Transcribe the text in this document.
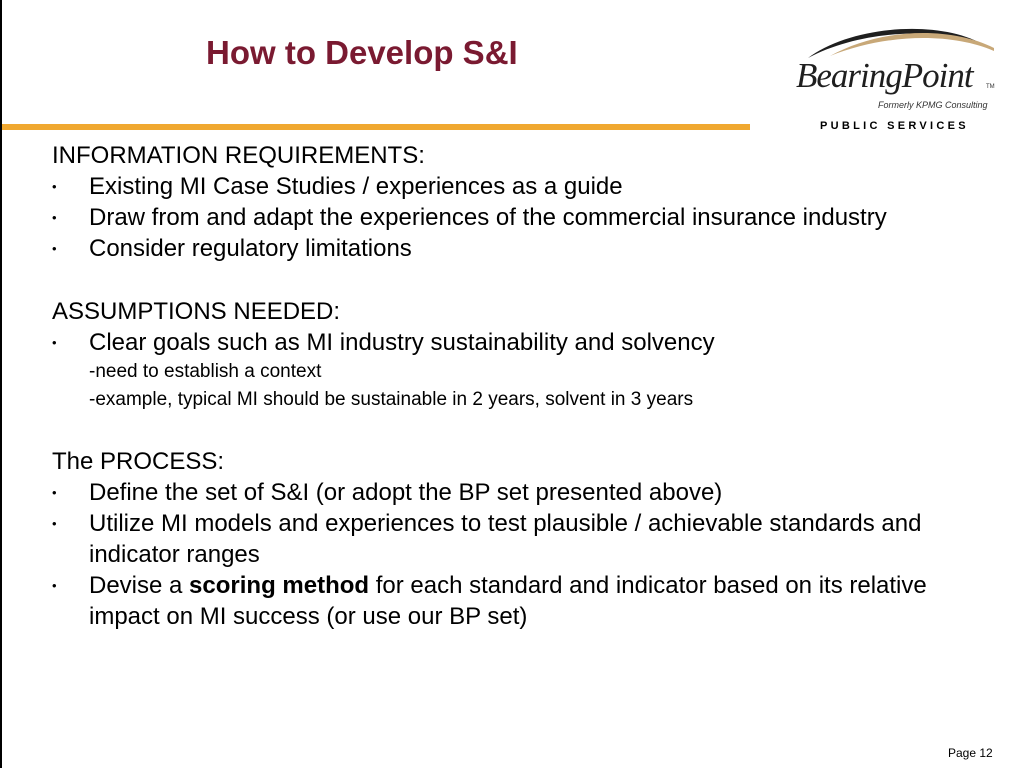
How to Develop S&I
BearingPoint TM
Formerly KPMG Consulting
PUBLIC SERVICES
INFORMATION REQUIREMENTS:
• Existing MI Case Studies / experiences as a guide
• Draw from and adapt the experiences of the commercial insurance industry
• Consider regulatory limitations
ASSUMPTIONS NEEDED:
• Clear goals such as MI industry sustainability and solvency
-need to establish a context
-example, typical MI should be sustainable in 2 years, solvent in 3 years
The PROCESS:
• Define the set of S&I (or adopt the BP set presented above)
• Utilize MI models and experiences to test plausible / achievable standards and indicator ranges
• Devise a scoring method for each standard and indicator based on its relative impact on MI success (or use our BP set)
Page 12
